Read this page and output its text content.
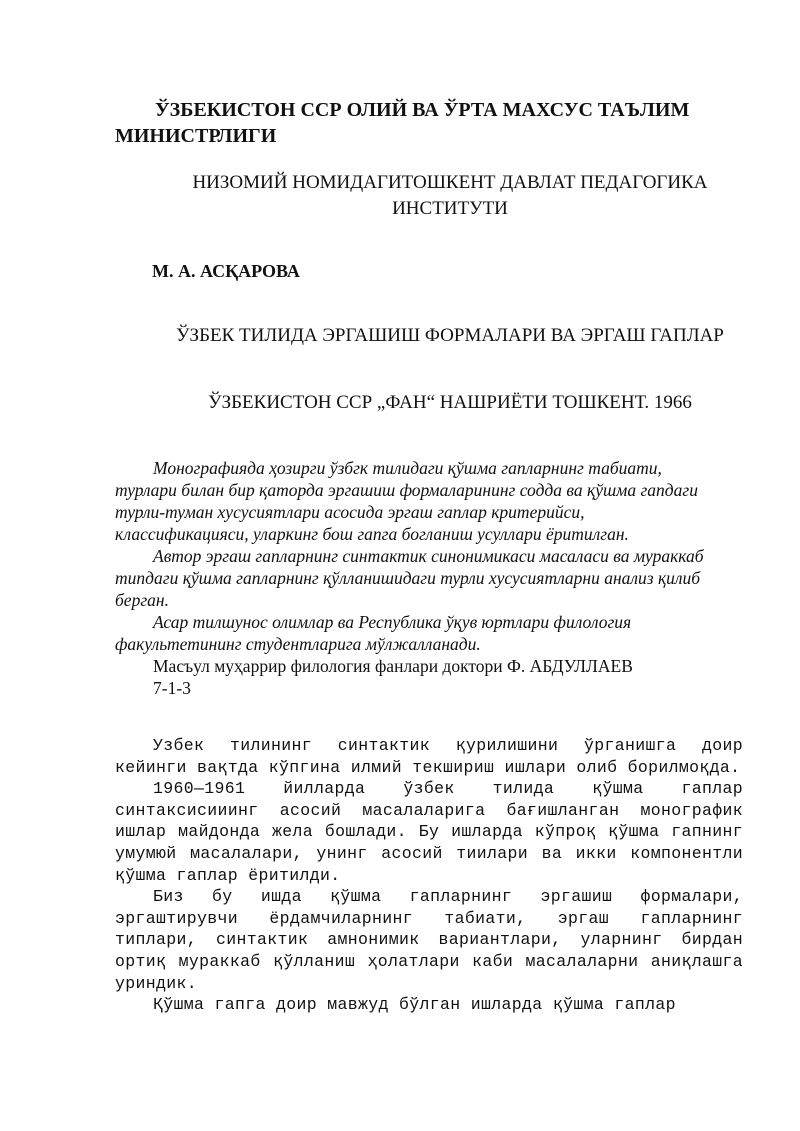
ЎЗБЕКИСТОН ССР ОЛИЙ ВА ЎРТА МАХСУС ТАЪЛИМ МИНИСТРЛИГИ

НИЗОМИЙ НОМИДАГИТОШКЕНТ ДАВЛАТ ПЕДАГОГИКА ИНСТИТУТИ

М. А. АСҚАРОВА

ЎЗБЕК ТИЛИДА ЭРГАШИШ ФОРМАЛАРИ ВА ЭРГАШ ГАПЛАР

ЎЗБЕКИСТОН ССР „ФАН“ НАШРИЁТИ ТОШКЕНТ. 1966

Монографияда ҳозирги ўзбгк тилидаги қўшма гапларнинг табиати, турлари билан бир қаторда эргашиш формаларининг содда ва қўшма гапдаги турли-туман хусусиятлари асосида эргаш гаплар критерийси, классификацияси, уларкинг бош гапга богланиш усуллари ёритилган.

Автор эргаш гапларнинг синтактик синонимикаси масаласи ва мураккаб типдаги қўшма гапларнинг қўлланишидаги турли хусусиятларни анализ қилиб берган.

Асар тилшунос олимлар ва Республика ўқув юртлари филология факультетининг студентларига мўлжалланади.

Масъул муҳаррир филология фанлари доктори Ф. АБДУЛЛАЕВ

7-1-3

Узбек тилининг синтактик қурилишини ўрганишга доир кейинги вақтда кўпгина илмий текшириш ишлари олиб борилмоқда.

1960—1961 йилларда ўзбек тилида қўшма гаплар синтаксисииинг асосий масалаларига бағишланган монографик ишлар майдонда жела бошлади. Бу ишларда кўпроқ қўшма гапнинг умумюй масалалари, унинг асосий тиилари ва икки компонентли қўшма гаплар ёритилди.

Биз бу ишда қўшма гапларнинг эргашиш формалари, эргаштирувчи ёрдамчиларнинг табиати, эргаш гапларнинг типлари, синтактик амнонимик вариантлари, уларнинг бирдан ортиқ мураккаб қўлланиш ҳолатлари каби масалаларни аниқлашга уриндик.

Қўшма гапга доир мавжуд бўлган ишларда қўшма гаплар
